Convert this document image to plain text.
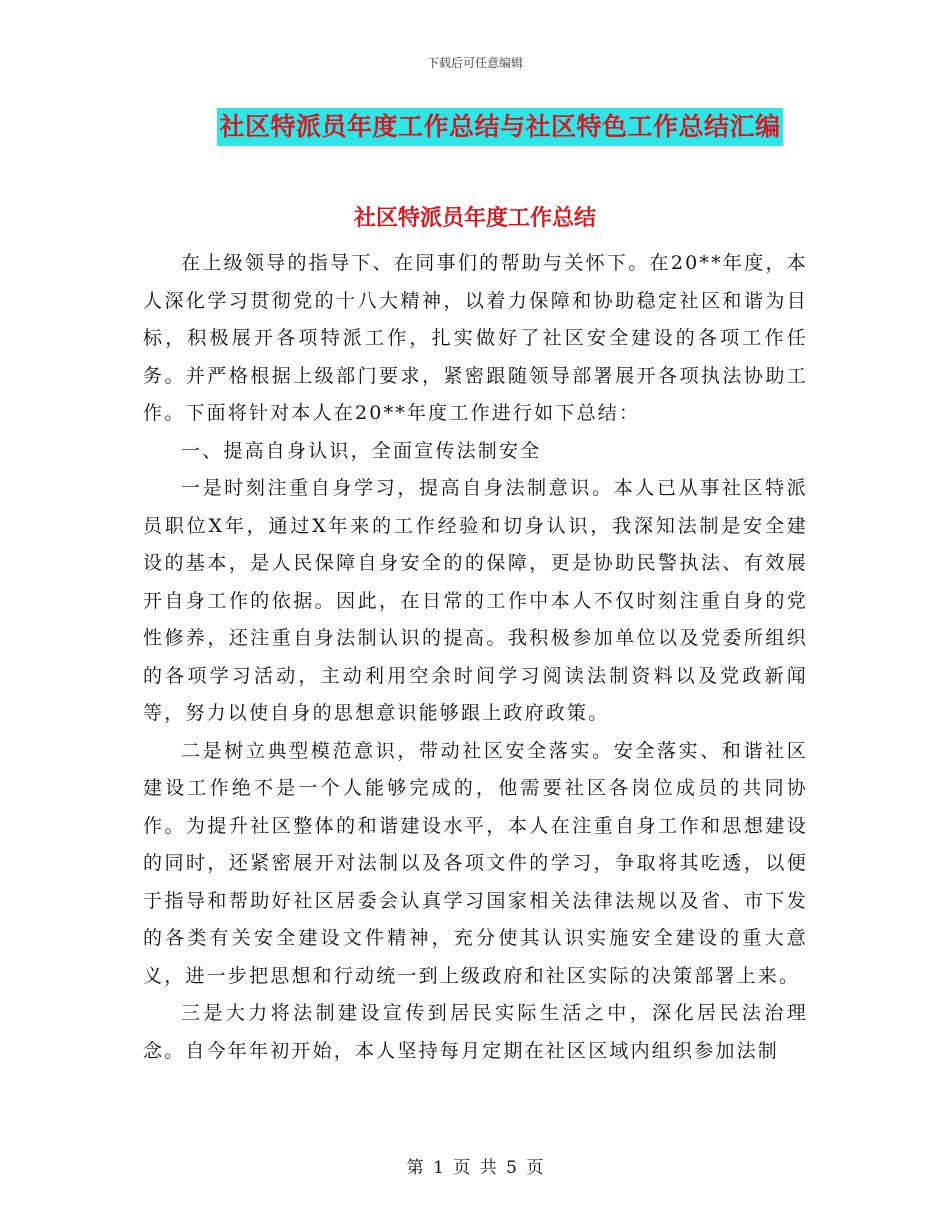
下载后可任意编辑
社区特派员年度工作总结与社区特色工作总结汇编
社区特派员年度工作总结

在上级领导的指导下、在同事们的帮助与关怀下。在20**年度，本人深化学习贯彻党的十八大精神，以着力保障和协助稳定社区和谐为目标，积极展开各项特派工作，扎实做好了社区安全建设的各项工作任务。并严格根据上级部门要求，紧密跟随领导部署展开各项执法协助工作。下面将针对本人在20**年度工作进行如下总结：

一、提高自身认识，全面宣传法制安全

一是时刻注重自身学习，提高自身法制意识。本人已从事社区特派员职位X年，通过X年来的工作经验和切身认识，我深知法制是安全建设的基本，是人民保障自身安全的的保障，更是协助民警执法、有效展开自身工作的依据。因此，在日常的工作中本人不仅时刻注重自身的党性修养，还注重自身法制认识的提高。我积极参加单位以及党委所组织的各项学习活动，主动利用空余时间学习阅读法制资料以及党政新闻等，努力以使自身的思想意识能够跟上政府政策。

二是树立典型模范意识，带动社区安全落实。安全落实、和谐社区建设工作绝不是一个人能够完成的，他需要社区各岗位成员的共同协作。为提升社区整体的和谐建设水平，本人在注重自身工作和思想建设的同时，还紧密展开对法制以及各项文件的学习，争取将其吃透，以便于指导和帮助好社区居委会认真学习国家相关法律法规以及省、市下发的各类有关安全建设文件精神，充分使其认识实施安全建设的重大意义，进一步把思想和行动统一到上级政府和社区实际的决策部署上来。

三是大力将法制建设宣传到居民实际生活之中，深化居民法治理念。自今年年初开始，本人坚持每月定期在社区区域内组织参加法制

第 1 页 共 5 页
